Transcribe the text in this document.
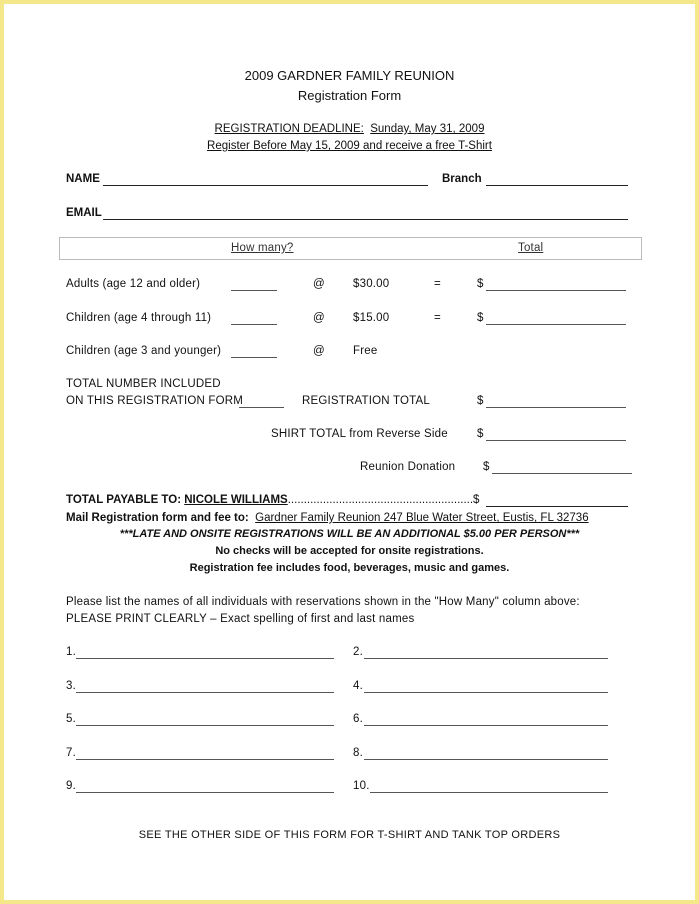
2009 GARDNER FAMILY REUNION
Registration Form
REGISTRATION DEADLINE: Sunday, May 31, 2009
Register Before May 15, 2009 and receive a free T-Shirt
NAME	Branch
EMAIL
How many?	Total
Adults (age 12 and older)	@ $30.00	=	$
Children (age 4 through 11)	@ $15.00	=	$
Children (age 3 and younger)	@ Free
TOTAL NUMBER INCLUDED
ON THIS REGISTRATION FORM	REGISTRATION TOTAL	$
SHIRT TOTAL from Reverse Side	$
Reunion Donation $
TOTAL PAYABLE TO: NICOLE WILLIAMS..........................................................$
Mail Registration form and fee to: Gardner Family Reunion 247 Blue Water Street, Eustis, FL 32736
***LATE AND ONSITE REGISTRATIONS WILL BE AN ADDITIONAL $5.00 PER PERSON***
No checks will be accepted for onsite registrations.
Registration fee includes food, beverages, music and games.
Please list the names of all individuals with reservations shown in the "How Many" column above:
PLEASE PRINT CLEARLY – Exact spelling of first and last names
1.	2.
3.	4.
5.	6.
7.	8.
9.	10.
SEE THE OTHER SIDE OF THIS FORM FOR T-SHIRT AND TANK TOP ORDERS
